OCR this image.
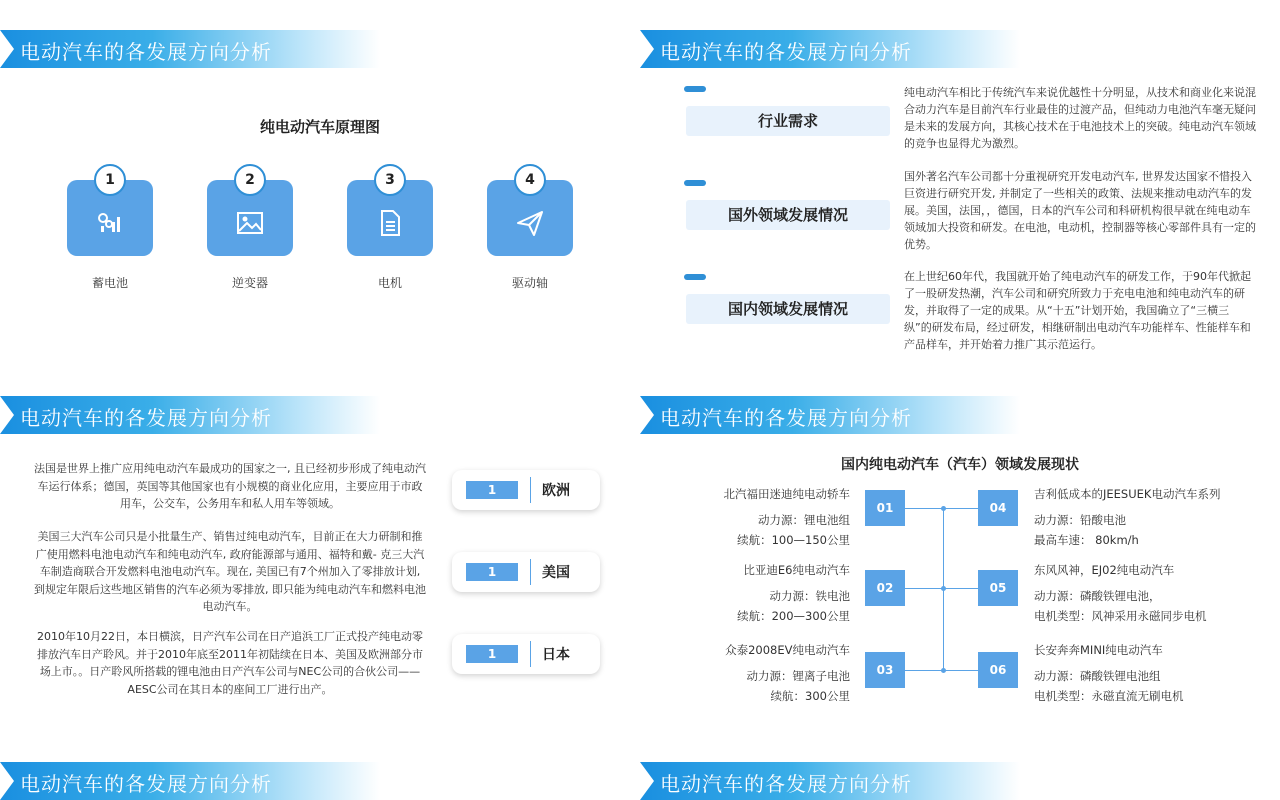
电动汽车的各发展方向分析
纯电动汽车原理图
1
蓄电池
2
逆变器
3
电机
4
驱动轴
电动汽车的各发展方向分析
行业需求
纯电动汽车相比于传统汽车来说优越性十分明显，从技术和商业化来说混合动力汽车是目前汽车行业最佳的过渡产品，但纯动力电池汽车毫无疑问是未来的发展方向，其核心技术在于电池技术上的突破。纯电动汽车领域的竞争也显得尤为激烈。
国外领域发展情况
国外著名汽车公司都十分重视研究开发电动汽车, 世界发达国家不惜投入巨资进行研究开发, 并制定了一些相关的政策、法规来推动电动汽车的发展。美国，法国，，德国，日本的汽车公司和科研机构很早就在纯电动车领域加大投资和研发。在电池，电动机，控制器等核心零部件具有一定的优势。
国内领域发展情况
在上世纪60年代，我国就开始了纯电动汽车的研发工作，于90年代掀起了一股研发热潮，汽车公司和研究所致力于充电电池和纯电动汽车的研发，并取得了一定的成果。从“十五”计划开始，我国确立了“三横三纵”的研发布局，经过研发，相继研制出电动汽车功能样车、性能样车和产品样车，并开始着力推广其示范运行。
电动汽车的各发展方向分析
法国是世界上推广应用纯电动汽车最成功的国家之一, 且已经初步形成了纯电动汽车运行体系；德国，英国等其他国家也有小规模的商业化应用，主要应用于市政用车，公交车，公务用车和私人用车等领域。
美国三大汽车公司只是小批量生产、销售过纯电动汽车，目前正在大力研制和推广使用燃料电池电动汽车和纯电动汽车, 政府能源部与通用、福特和戴- 克三大汽车制造商联合开发燃料电池电动汽车。现在, 美国已有7个州加入了零排放计划, 到规定年限后这些地区销售的汽车必须为零排放, 即只能为纯电动汽车和燃料电池电动汽车。
2010年10月22日，本日横滨，日产汽车公司在日产追浜工厂正式投产纯电动零排放汽车日产聆风。并于2010年底至2011年初陆续在日本、美国及欧洲部分市场上市。。日产聆风所搭载的锂电池由日产汽车公司与NEC公司的合伙公司——AESC公司在其日本的座间工厂进行出产。
1	欧洲
1	美国
1	日本
电动汽车的各发展方向分析
国内纯电动汽车（汽车）领域发展现状
01
02
03
04
05
06
北汽福田迷迪纯电动轿车
动力源：锂电池组
续航：100—150公里
比亚迪E6纯电动汽车
动力源：铁电池
续航：200—300公里
众泰2008EV纯电动汽车
动力源：锂离子电池
续航：300公里
吉利低成本的JEESUEK电动汽车系列
动力源：铅酸电池
最高车速： 80km/h
东风风神，EJ02纯电动汽车
动力源：磷酸铁锂电池，
电机类型：风神采用永磁同步电机
长安奔奔MINI纯电动汽车
动力源：磷酸铁锂电池组
电机类型：永磁直流无刷电机
电动汽车的各发展方向分析	电动汽车的各发展方向分析
